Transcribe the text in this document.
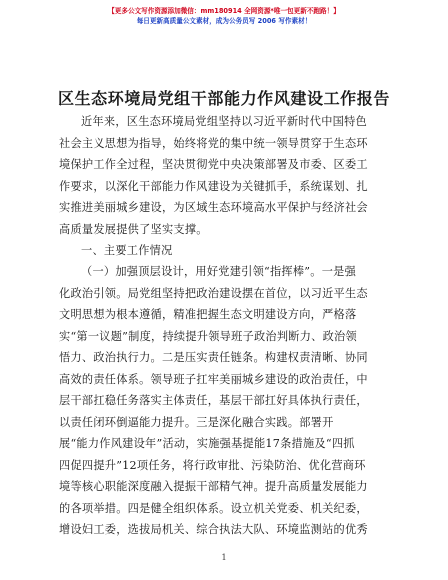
【更多公文写作资源添加微信：mm180914 全网资源*唯一包更新不跑路！】
每日更新高质量公文素材，成为公务员写 2006 写作素材！
区生态环境局党组干部能力作风建设工作报告
近年来，区生态环境局党组坚持以习近平新时代中国特色
社会主义思想为指导，始终将党的集中统一领导贯穿于生态环
境保护工作全过程，坚决贯彻党中央决策部署及市委、区委工
作要求，以深化干部能力作风建设为关键抓手，系统谋划、扎
实推进美丽城乡建设，为区域生态环境高水平保护与经济社会
高质量发展提供了坚实支撑。
一、主要工作情况
（一）加强顶层设计，用好党建引领“指挥棒”。一是强
化政治引领。局党组坚持把政治建设摆在首位，以习近平生态
文明思想为根本遵循，精准把握生态文明建设方向，严格落
实“第一议题”制度，持续提升领导班子政治判断力、政治领
悟力、政治执行力。二是压实责任链条。构建权责清晰、协同
高效的责任体系。领导班子扛牢美丽城乡建设的政治责任，中
层干部扛稳任务落实主体责任，基层干部扛好具体执行责任，
以责任闭环倒逼能力提升。三是深化融合实践。部署开
展“能力作风建设年”活动，实施强基提能17条措施及“四抓
四促四提升”12项任务，将行政审批、污染防治、优化营商环
境等核心职能深度融入提振干部精气神。提升高质量发展能力
的各项举措。四是健全组织体系。设立机关党委、机关纪委，
增设妇工委，选拔局机关、综合执法大队、环境监测站的优秀
1
